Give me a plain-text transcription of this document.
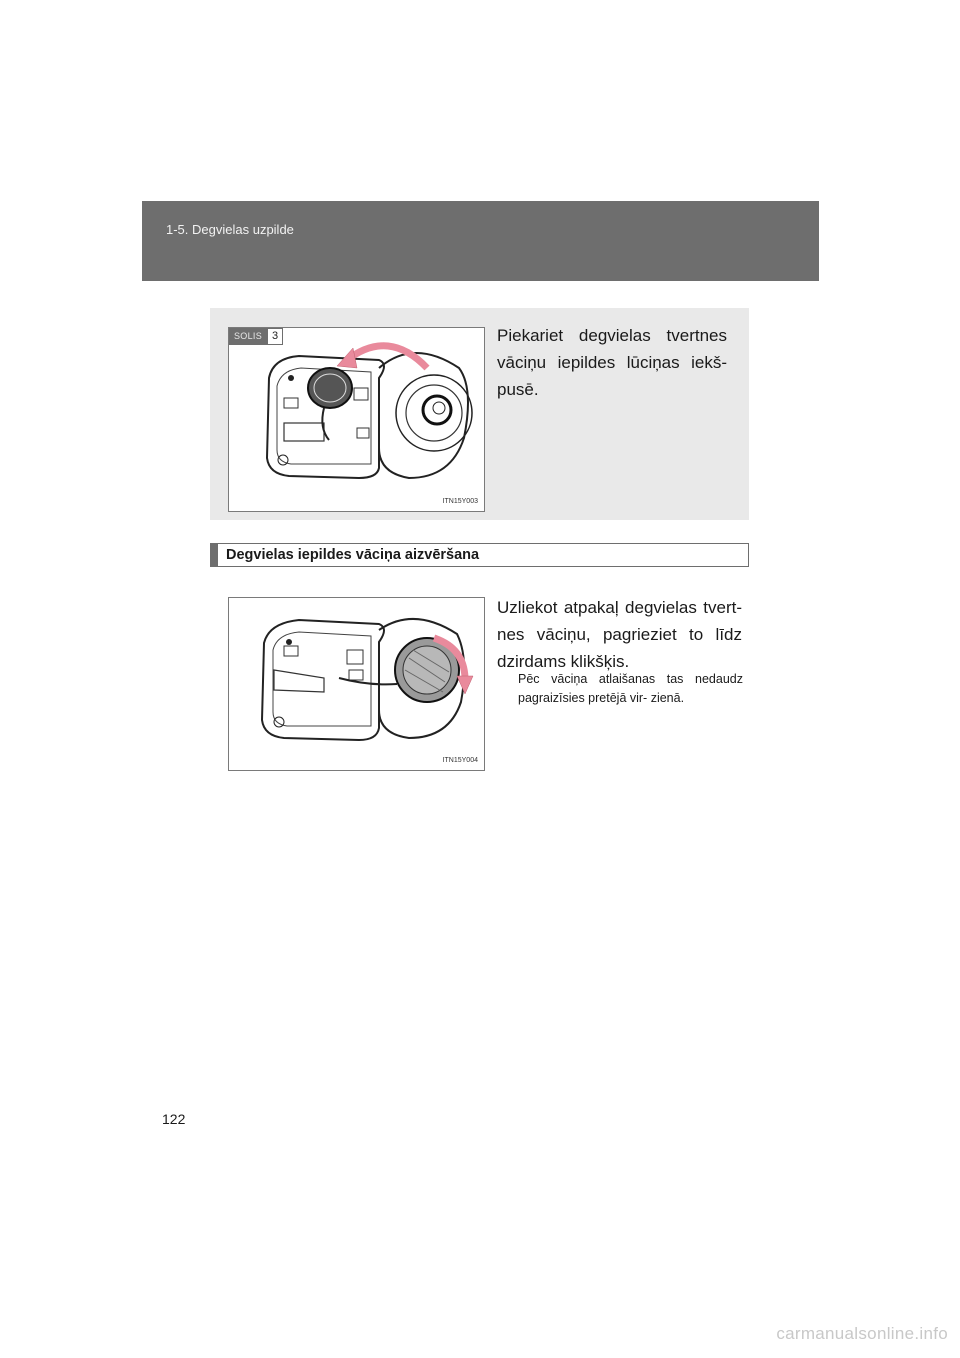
1-5. Degvielas uzpilde
SOLIS 3
ITN15Y003
Piekariet degvielas tvertnes vāciņu iepildes lūciņas iekš- pusē.
Degvielas iepildes vāciņa aizvēršana
ITN15Y004
Uzliekot atpakaļ degvielas tvert- nes vāciņu, pagrieziet to līdz dzirdams klikšķis.
Pēc vāciņa atlaišanas tas nedaudz pagraizīsies pretējā vir- zienā.
122
carmanualsonline.info
